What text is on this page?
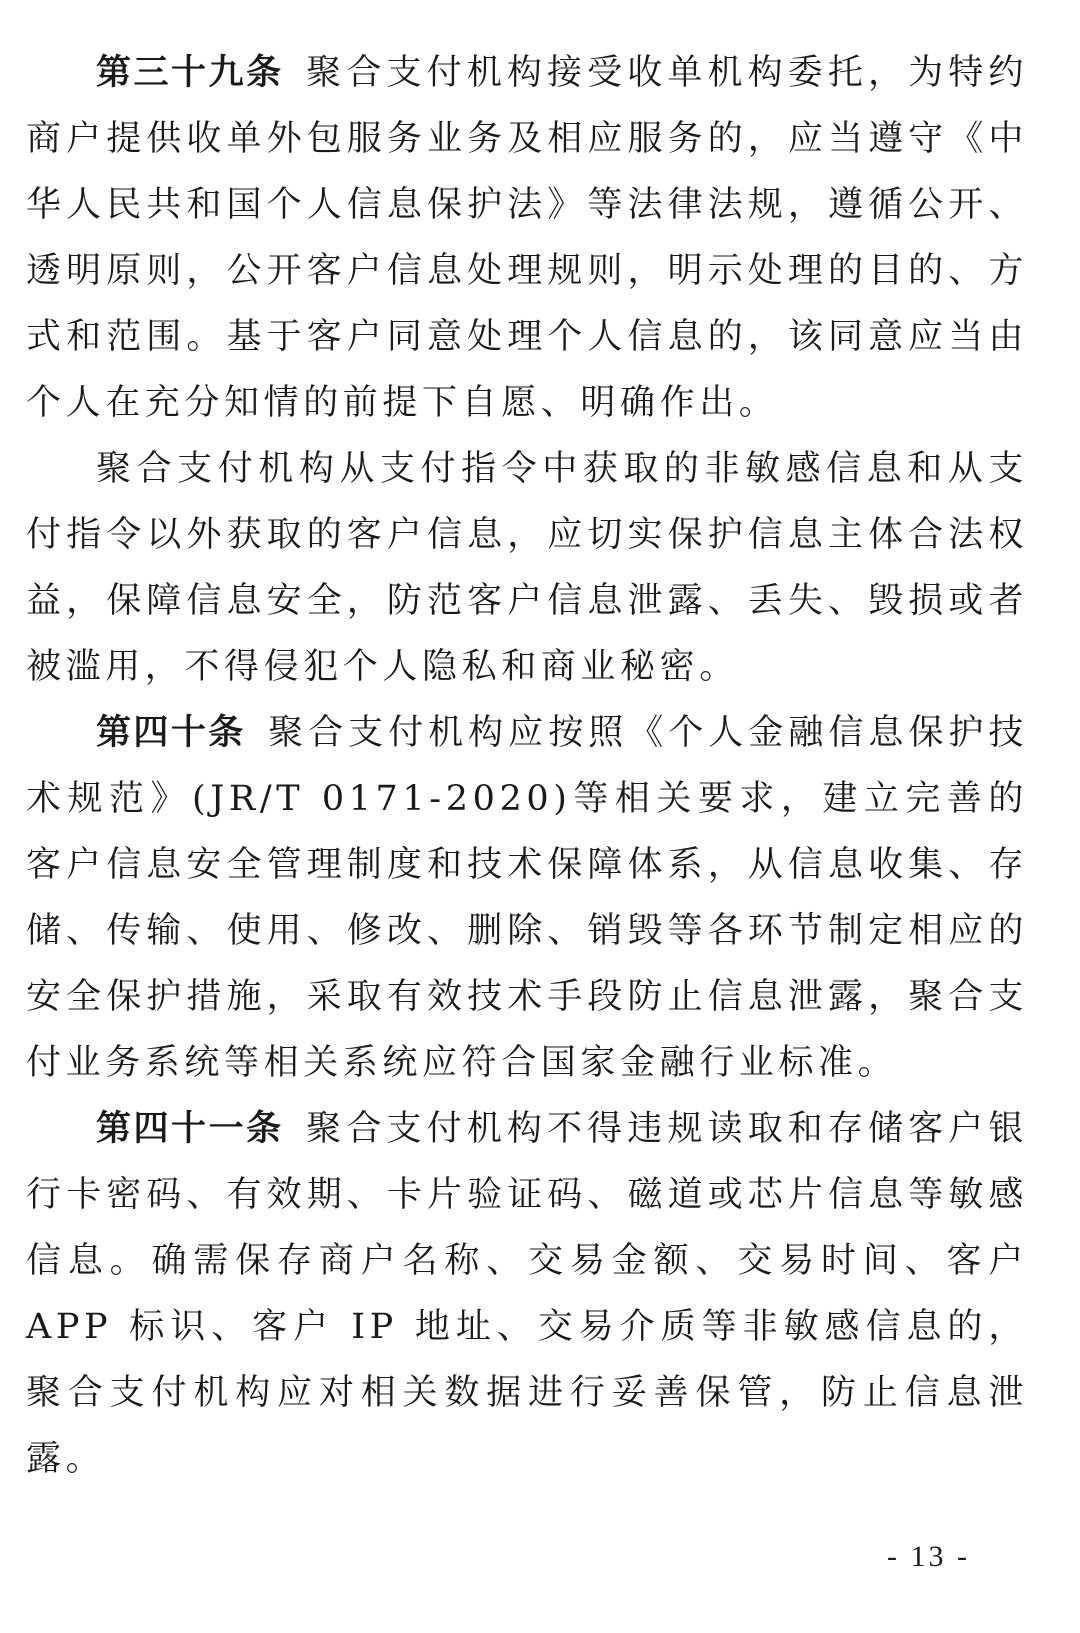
第三十九条 聚合支付机构接受收单机构委托，为特约商户提供收单外包服务业务及相应服务的，应当遵守《中华人民共和国个人信息保护法》等法律法规，遵循公开、透明原则，公开客户信息处理规则，明示处理的目的、方式和范围。基于客户同意处理个人信息的，该同意应当由个人在充分知情的前提下自愿、明确作出。

聚合支付机构从支付指令中获取的非敏感信息和从支付指令以外获取的客户信息，应切实保护信息主体合法权益，保障信息安全，防范客户信息泄露、丢失、毁损或者被滥用，不得侵犯个人隐私和商业秘密。

第四十条 聚合支付机构应按照《个人金融信息保护技术规范》(JR/T 0171-2020)等相关要求，建立完善的客户信息安全管理制度和技术保障体系，从信息收集、存储、传输、使用、修改、删除、销毁等各环节制定相应的安全保护措施，采取有效技术手段防止信息泄露，聚合支付业务系统等相关系统应符合国家金融行业标准。

第四十一条 聚合支付机构不得违规读取和存储客户银行卡密码、有效期、卡片验证码、磁道或芯片信息等敏感信息。确需保存商户名称、交易金额、交易时间、客户 APP 标识、客户 IP 地址、交易介质等非敏感信息的，聚合支付机构应对相关数据进行妥善保管，防止信息泄露。

- 13 -
